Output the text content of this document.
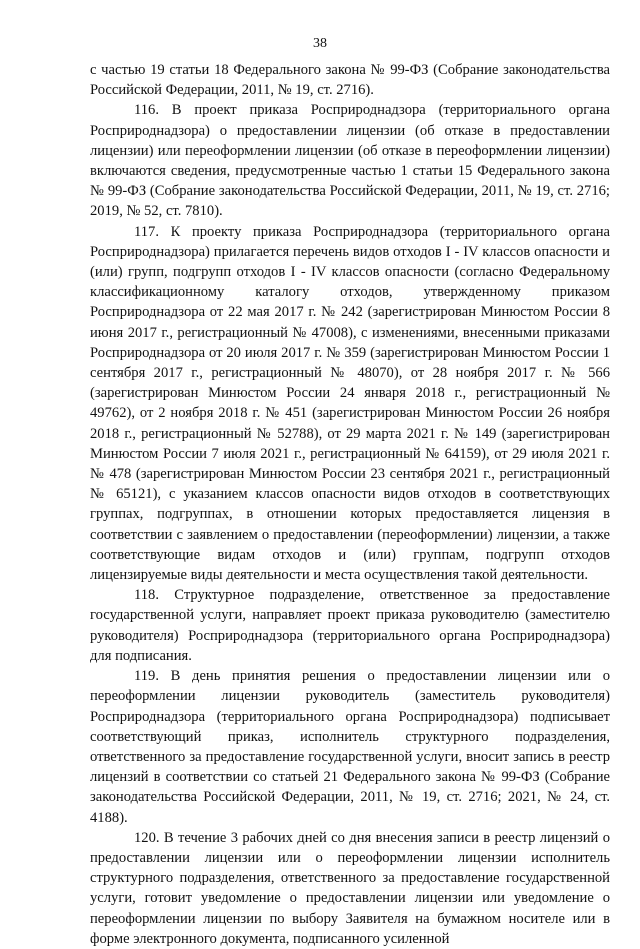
38

с частью 19 статьи 18 Федерального закона № 99-ФЗ (Собрание законодательства Российской Федерации, 2011, № 19, ст. 2716).

116. В проект приказа Росприроднадзора (территориального органа Росприроднадзора) о предоставлении лицензии (об отказе в предоставлении лицензии) или переоформлении лицензии (об отказе в переоформлении лицензии) включаются сведения, предусмотренные частью 1 статьи 15 Федерального закона № 99-ФЗ (Собрание законодательства Российской Федерации, 2011, № 19, ст. 2716; 2019, № 52, ст. 7810).

117. К проекту приказа Росприроднадзора (территориального органа Росприроднадзора) прилагается перечень видов отходов I - IV классов опасности и (или) групп, подгрупп отходов I - IV классов опасности (согласно Федеральному классификационному каталогу отходов, утвержденному приказом Росприроднадзора от 22 мая 2017 г. № 242 (зарегистрирован Минюстом России 8 июня 2017 г., регистрационный № 47008), с изменениями, внесенными приказами Росприроднадзора от 20 июля 2017 г. № 359 (зарегистрирован Минюстом России 1 сентября 2017 г., регистрационный № 48070), от 28 ноября 2017 г. № 566 (зарегистрирован Минюстом России 24 января 2018 г., регистрационный № 49762), от 2 ноября 2018 г. № 451 (зарегистрирован Минюстом России 26 ноября 2018 г., регистрационный № 52788), от 29 марта 2021 г. № 149 (зарегистрирован Минюстом России 7 июля 2021 г., регистрационный № 64159), от 29 июля 2021 г. № 478 (зарегистрирован Минюстом России 23 сентября 2021 г., регистрационный № 65121), с указанием классов опасности видов отходов в соответствующих группах, подгруппах, в отношении которых предоставляется лицензия в соответствии с заявлением о предоставлении (переоформлении) лицензии, а также соответствующие видам отходов и (или) группам, подгрупп отходов лицензируемые виды деятельности и места осуществления такой деятельности.

118. Структурное подразделение, ответственное за предоставление государственной услуги, направляет проект приказа руководителю (заместителю руководителя) Росприроднадзора (территориального органа Росприроднадзора) для подписания.

119. В день принятия решения о предоставлении лицензии или о переоформлении лицензии руководитель (заместитель руководителя) Росприроднадзора (территориального органа Росприроднадзора) подписывает соответствующий приказ, исполнитель структурного подразделения, ответственного за предоставление государственной услуги, вносит запись в реестр лицензий в соответствии со статьей 21 Федерального закона № 99-ФЗ (Собрание законодательства Российской Федерации, 2011, № 19, ст. 2716; 2021, № 24, ст. 4188).

120. В течение 3 рабочих дней со дня внесения записи в реестр лицензий о предоставлении лицензии или о переоформлении лицензии исполнитель структурного подразделения, ответственного за предоставление государственной услуги, готовит уведомление о предоставлении лицензии или уведомление о переоформлении лицензии по выбору Заявителя на бумажном носителе или в форме электронного документа, подписанного усиленной
